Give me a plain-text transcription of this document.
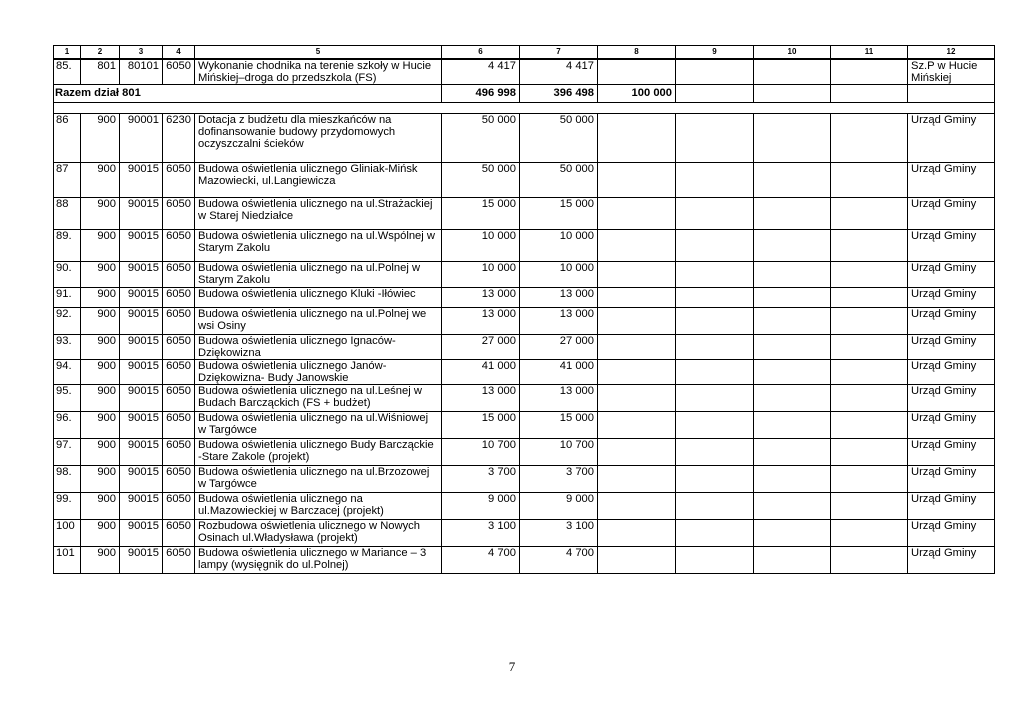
1	2	3	4	5	6	7	8	9	10	11	12
85.	801	80101	6050	Wykonanie chodnika na terenie szkoły w Hucie Mińskiej–droga do przedszkola (FS)	4 417	4 417					Sz.P w Hucie Mińskiej
Razem dział 801					496 998	396 498	100 000				

86	900	90001	6230	Dotacja z budżetu dla mieszkańców na dofinansowanie budowy przydomowych oczyszczalni ścieków	50 000	50 000					Urząd Gminy
87	900	90015	6050	Budowa oświetlenia ulicznego Gliniak-Mińsk Mazowiecki, ul.Langiewicza	50 000	50 000					Urząd Gminy
88	900	90015	6050	Budowa oświetlenia ulicznego na ul.Strażackiej w Starej Niedziałce	15 000	15 000					Urząd Gminy
89.	900	90015	6050	Budowa oświetlenia ulicznego na ul.Wspólnej w Starym Zakolu	10 000	10 000					Urząd Gminy
90.	900	90015	6050	Budowa oświetlenia ulicznego na ul.Polnej w Starym Zakolu	10 000	10 000					Urząd Gminy
91.	900	90015	6050	Budowa oświetlenia ulicznego Kluki -Iłówiec	13 000	13 000					Urząd Gminy
92.	900	90015	6050	Budowa oświetlenia ulicznego na ul.Polnej we wsi Osiny	13 000	13 000					Urząd Gminy
93.	900	90015	6050	Budowa oświetlenia ulicznego Ignaców-Dziękowizna	27 000	27 000					Urząd Gminy
94.	900	90015	6050	Budowa oświetlenia ulicznego Janów-Dziękowizna- Budy Janowskie	41 000	41 000					Urząd Gminy
95.	900	90015	6050	Budowa oświetlenia ulicznego na ul.Leśnej w Budach Barcząckich (FS + budżet)	13 000	13 000					Urząd Gminy
96.	900	90015	6050	Budowa oświetlenia ulicznego na ul.Wiśniowej w Targówce	15 000	15 000					Urząd Gminy
97.	900	90015	6050	Budowa oświetlenia ulicznego Budy Barcząckie -Stare Zakole (projekt)	10 700	10 700					Urząd Gminy
98.	900	90015	6050	Budowa oświetlenia ulicznego na ul.Brzozowej w Targówce	3 700	3 700					Urząd Gminy
99.	900	90015	6050	Budowa oświetlenia ulicznego na ul.Mazowieckiej w Barczacej (projekt)	9 000	9 000					Urząd Gminy
100	900	90015	6050	Rozbudowa oświetlenia ulicznego w Nowych Osinach ul.Władysława (projekt)	3 100	3 100					Urząd Gminy
101	900	90015	6050	Budowa oświetlenia ulicznego w Mariance – 3 lampy (wysięgnik do ul.Polnej)	4 700	4 700					Urząd Gminy
7
